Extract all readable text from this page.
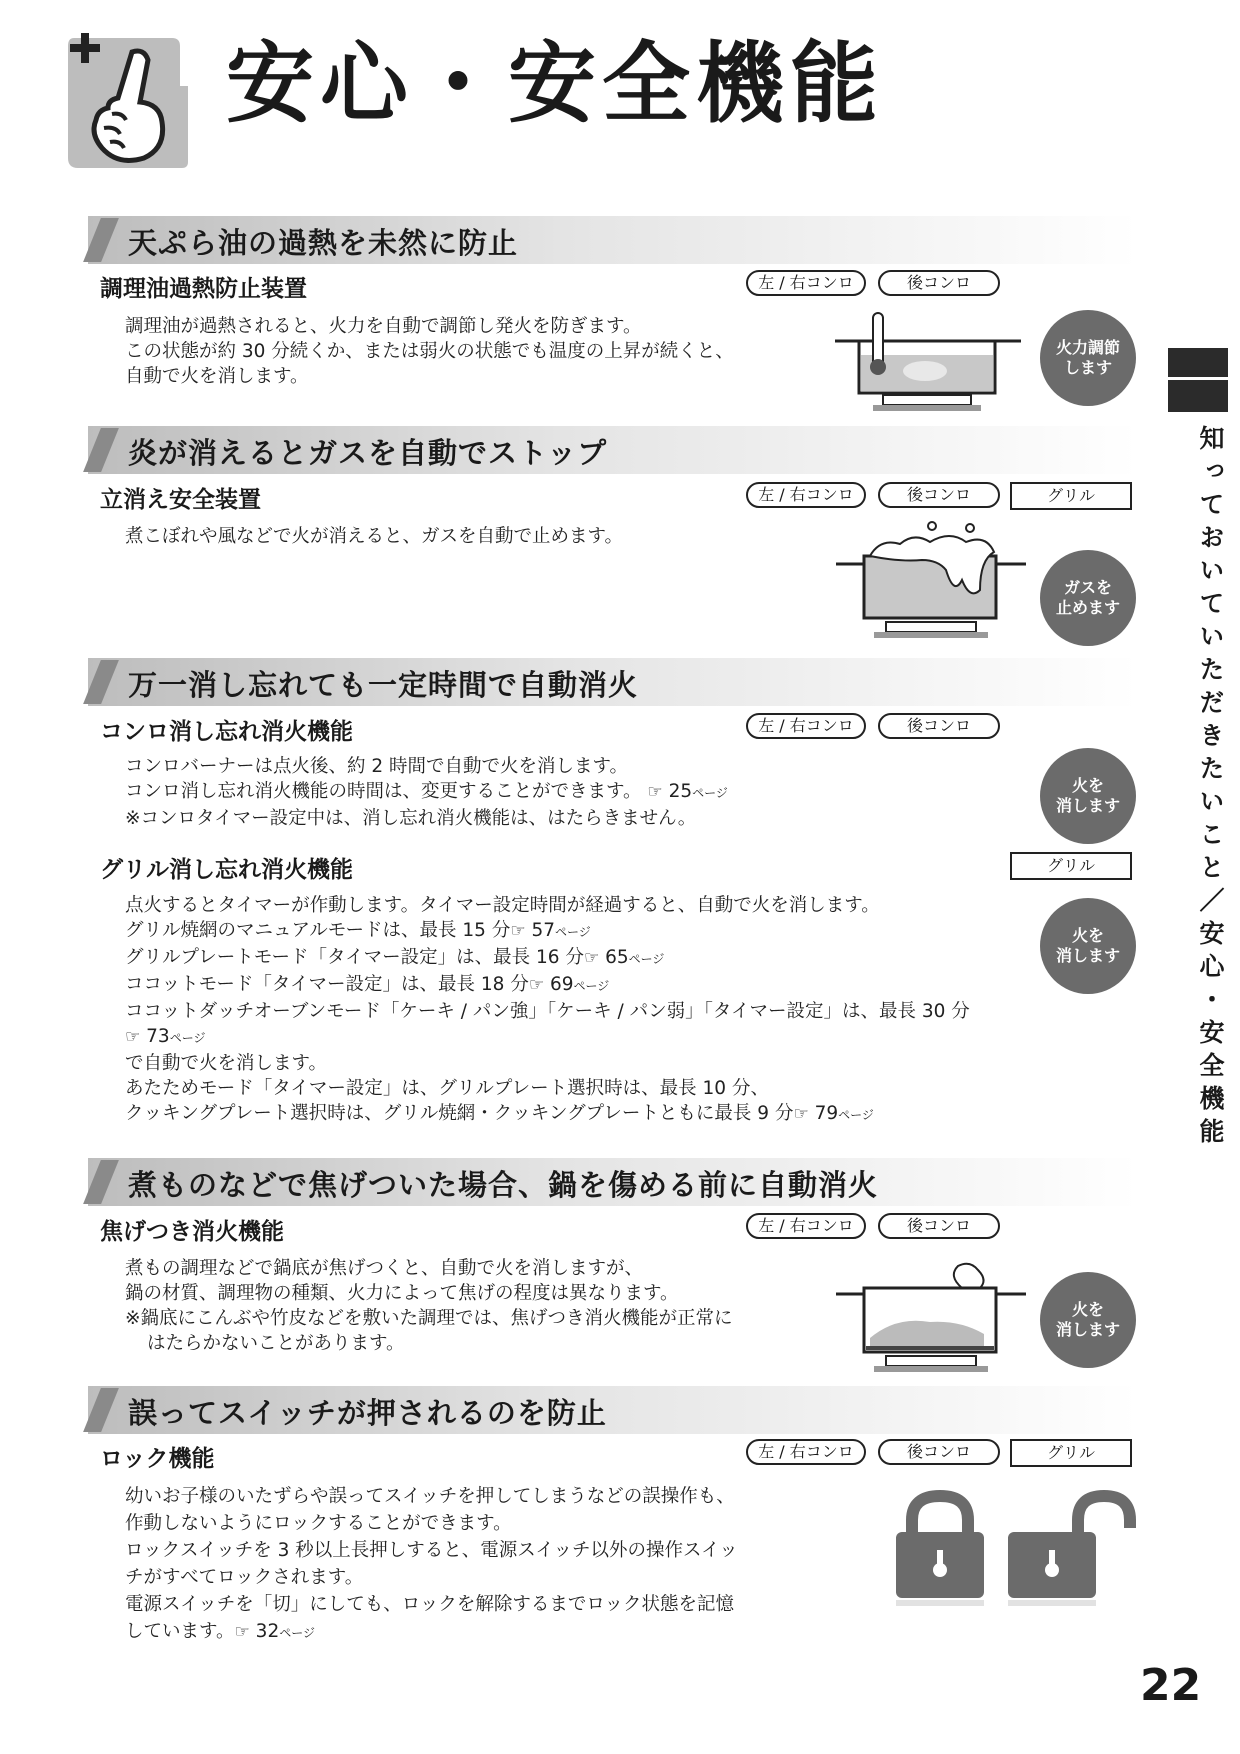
安心・安全機能
知っておいていただきたいこと／安心・安全機能
天ぷら油の過熱を未然に防止
調理油過熱防止装置	左 / 右コンロ	後コンロ
調理油が過熱されると、火力を自動で調節し発火を防ぎます。
この状態が約 30 分続くか、または弱火の状態でも温度の上昇が続くと、
自動で火を消します。
火力調節
します
炎が消えるとガスを自動でストップ
立消え安全装置	左 / 右コンロ	後コンロ	グリル
煮こぼれや風などで火が消えると、ガスを自動で止めます。
ガスを
止めます
万一消し忘れても一定時間で自動消火
コンロ消し忘れ消火機能	左 / 右コンロ	後コンロ
コンロバーナーは点火後、約 2 時間で自動で火を消します。
コンロ消し忘れ消火機能の時間は、変更することができます。 ☞ 25ページ
※コンロタイマー設定中は、消し忘れ消火機能は、はたらきません。
火を
消します
グリル消し忘れ消火機能	グリル
点火するとタイマーが作動します。タイマー設定時間が経過すると、自動で火を消します。
グリル焼網のマニュアルモードは、最長 15 分☞ 57ページ
グリルプレートモード「タイマー設定」は、最長 16 分☞ 65ページ
ココットモード「タイマー設定」は、最長 18 分☞ 69ページ
ココットダッチオーブンモード「ケーキ / パン強」「ケーキ / パン弱」「タイマー設定」は、最長 30 分
☞ 73ページ
で自動で火を消します。
あたためモード「タイマー設定」は、グリルプレート選択時は、最長 10 分、
クッキングプレート選択時は、グリル焼網・クッキングプレートともに最長 9 分☞ 79ページ
火を
消します
煮ものなどで焦げついた場合、鍋を傷める前に自動消火
焦げつき消火機能	左 / 右コンロ	後コンロ
煮もの調理などで鍋底が焦げつくと、自動で火を消しますが、
鍋の材質、調理物の種類、火力によって焦げの程度は異なります。
※鍋底にこんぶや竹皮などを敷いた調理では、焦げつき消火機能が正常に
はたらかないことがあります。
火を
消します
誤ってスイッチが押されるのを防止
ロック機能	左 / 右コンロ	後コンロ	グリル
幼いお子様のいたずらや誤ってスイッチを押してしまうなどの誤操作も、
作動しないようにロックすることができます。
ロックスイッチを 3 秒以上長押しすると、電源スイッチ以外の操作スイッ
チがすべてロックされます。
電源スイッチを「切」にしても、ロックを解除するまでロック状態を記憶
しています。☞ 32ページ
22
